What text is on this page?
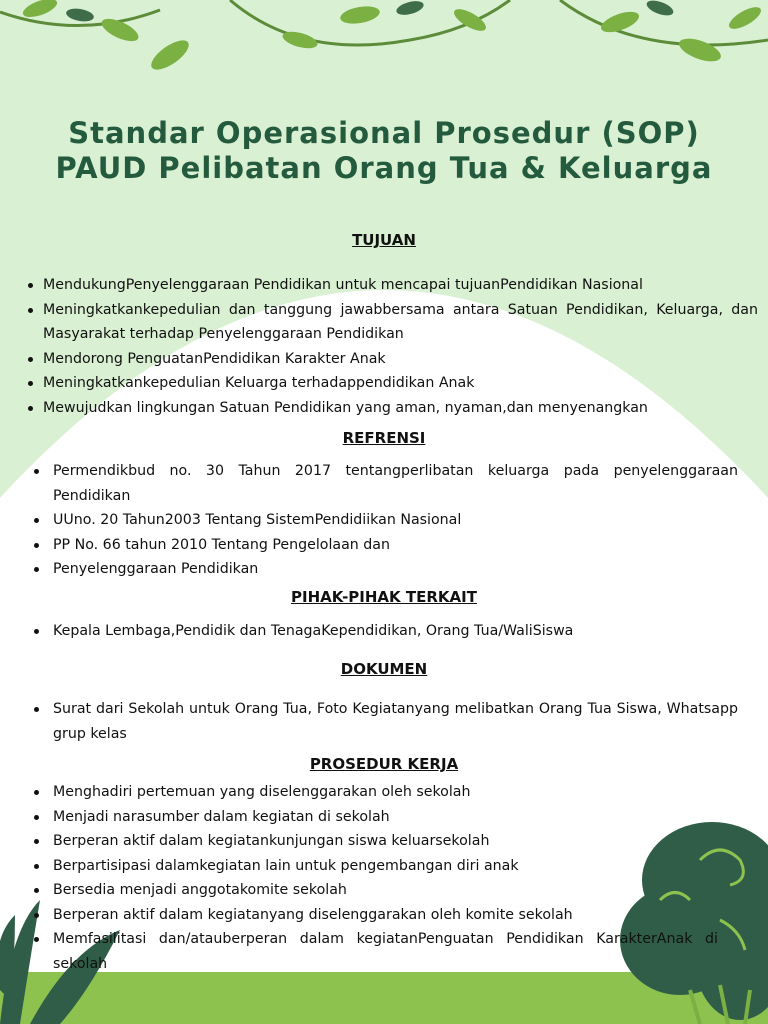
Standar Operasional Prosedur (SOP)
PAUD Pelibatan Orang Tua & Keluarga
TUJUAN
MendukungPenyelenggaraan Pendidikan untuk mencapai tujuanPendidikan Nasional
Meningkatkankepedulian dan tanggung jawabbersama antara Satuan Pendidikan, Keluarga, dan Masyarakat terhadap Penyelenggaraan Pendidikan
Mendorong PenguatanPendidikan Karakter Anak
Meningkatkankepedulian Keluarga terhadappendidikan Anak
Mewujudkan lingkungan Satuan Pendidikan yang aman, nyaman,dan menyenangkan
REFRENSI
Permendikbud no. 30 Tahun 2017 tentangperlibatan keluarga pada penyelenggaraan Pendidikan
UUno. 20 Tahun2003 Tentang SistemPendidiikan Nasional
PP No. 66 tahun 2010 Tentang Pengelolaan dan
Penyelenggaraan Pendidikan
PIHAK-PIHAK TERKAIT
Kepala Lembaga,Pendidik dan TenagaKependidikan, Orang Tua/WaliSiswa
DOKUMEN
Surat dari Sekolah untuk Orang Tua, Foto Kegiatanyang melibatkan Orang Tua Siswa, Whatsapp grup kelas
PROSEDUR KERJA
Menghadiri pertemuan yang diselenggarakan oleh sekolah
Menjadi narasumber dalam kegiatan di sekolah
Berperan aktif dalam kegiatankunjungan siswa keluarsekolah
Berpartisipasi dalamkegiatan lain untuk pengembangan diri anak
Bersedia menjadi anggotakomite sekolah
Berperan aktif dalam kegiatanyang diselenggarakan oleh komite sekolah
Memfasilitasi dan/atauberperan dalam kegiatanPenguatan Pendidikan KarakterAnak di sekolah
